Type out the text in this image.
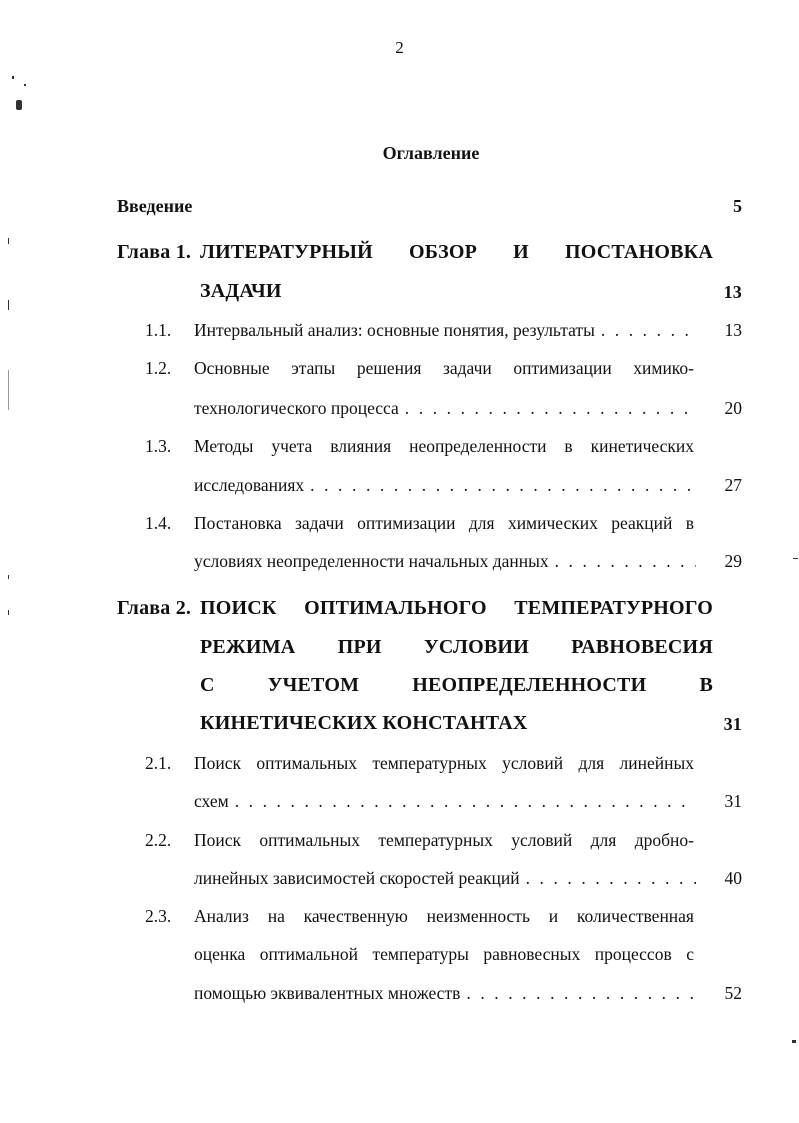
2
Оглавление
Введение	5
Глава 1. ЛИТЕРАТУРНЫЙ ОБЗОР И ПОСТАНОВКА
ЗАДАЧИ	13
1.1. Интервальный анализ: основные понятия, результаты . . .	13
1.2. Основные этапы решения задачи оптимизации химико-
технологического процесса . . .	20
1.3. Методы учета влияния неопределенности в кинетических
исследованиях . . .	27
1.4. Постановка задачи оптимизации для химических реакций в
условиях неопределенности начальных данных . . .	29
Глава 2. ПОИСК ОПТИМАЛЬНОГО ТЕМПЕРАТУРНОГО
РЕЖИМА ПРИ УСЛОВИИ РАВНОВЕСИЯ
С	УЧЕТОМ	НЕОПРЕДЕЛЕННОСТИ	В
КИНЕТИЧЕСКИХ КОНСТАНТАХ	31
2.1. Поиск оптимальных температурных условий для линейных
схем . . .	31
2.2. Поиск оптимальных температурных условий для дробно-
линейных зависимостей скоростей реакций . . .	40
2.3. Анализ на качественную неизменность и количественная
оценка оптимальной температуры равновесных процессов с
помощью эквивалентных множеств . . .	52
